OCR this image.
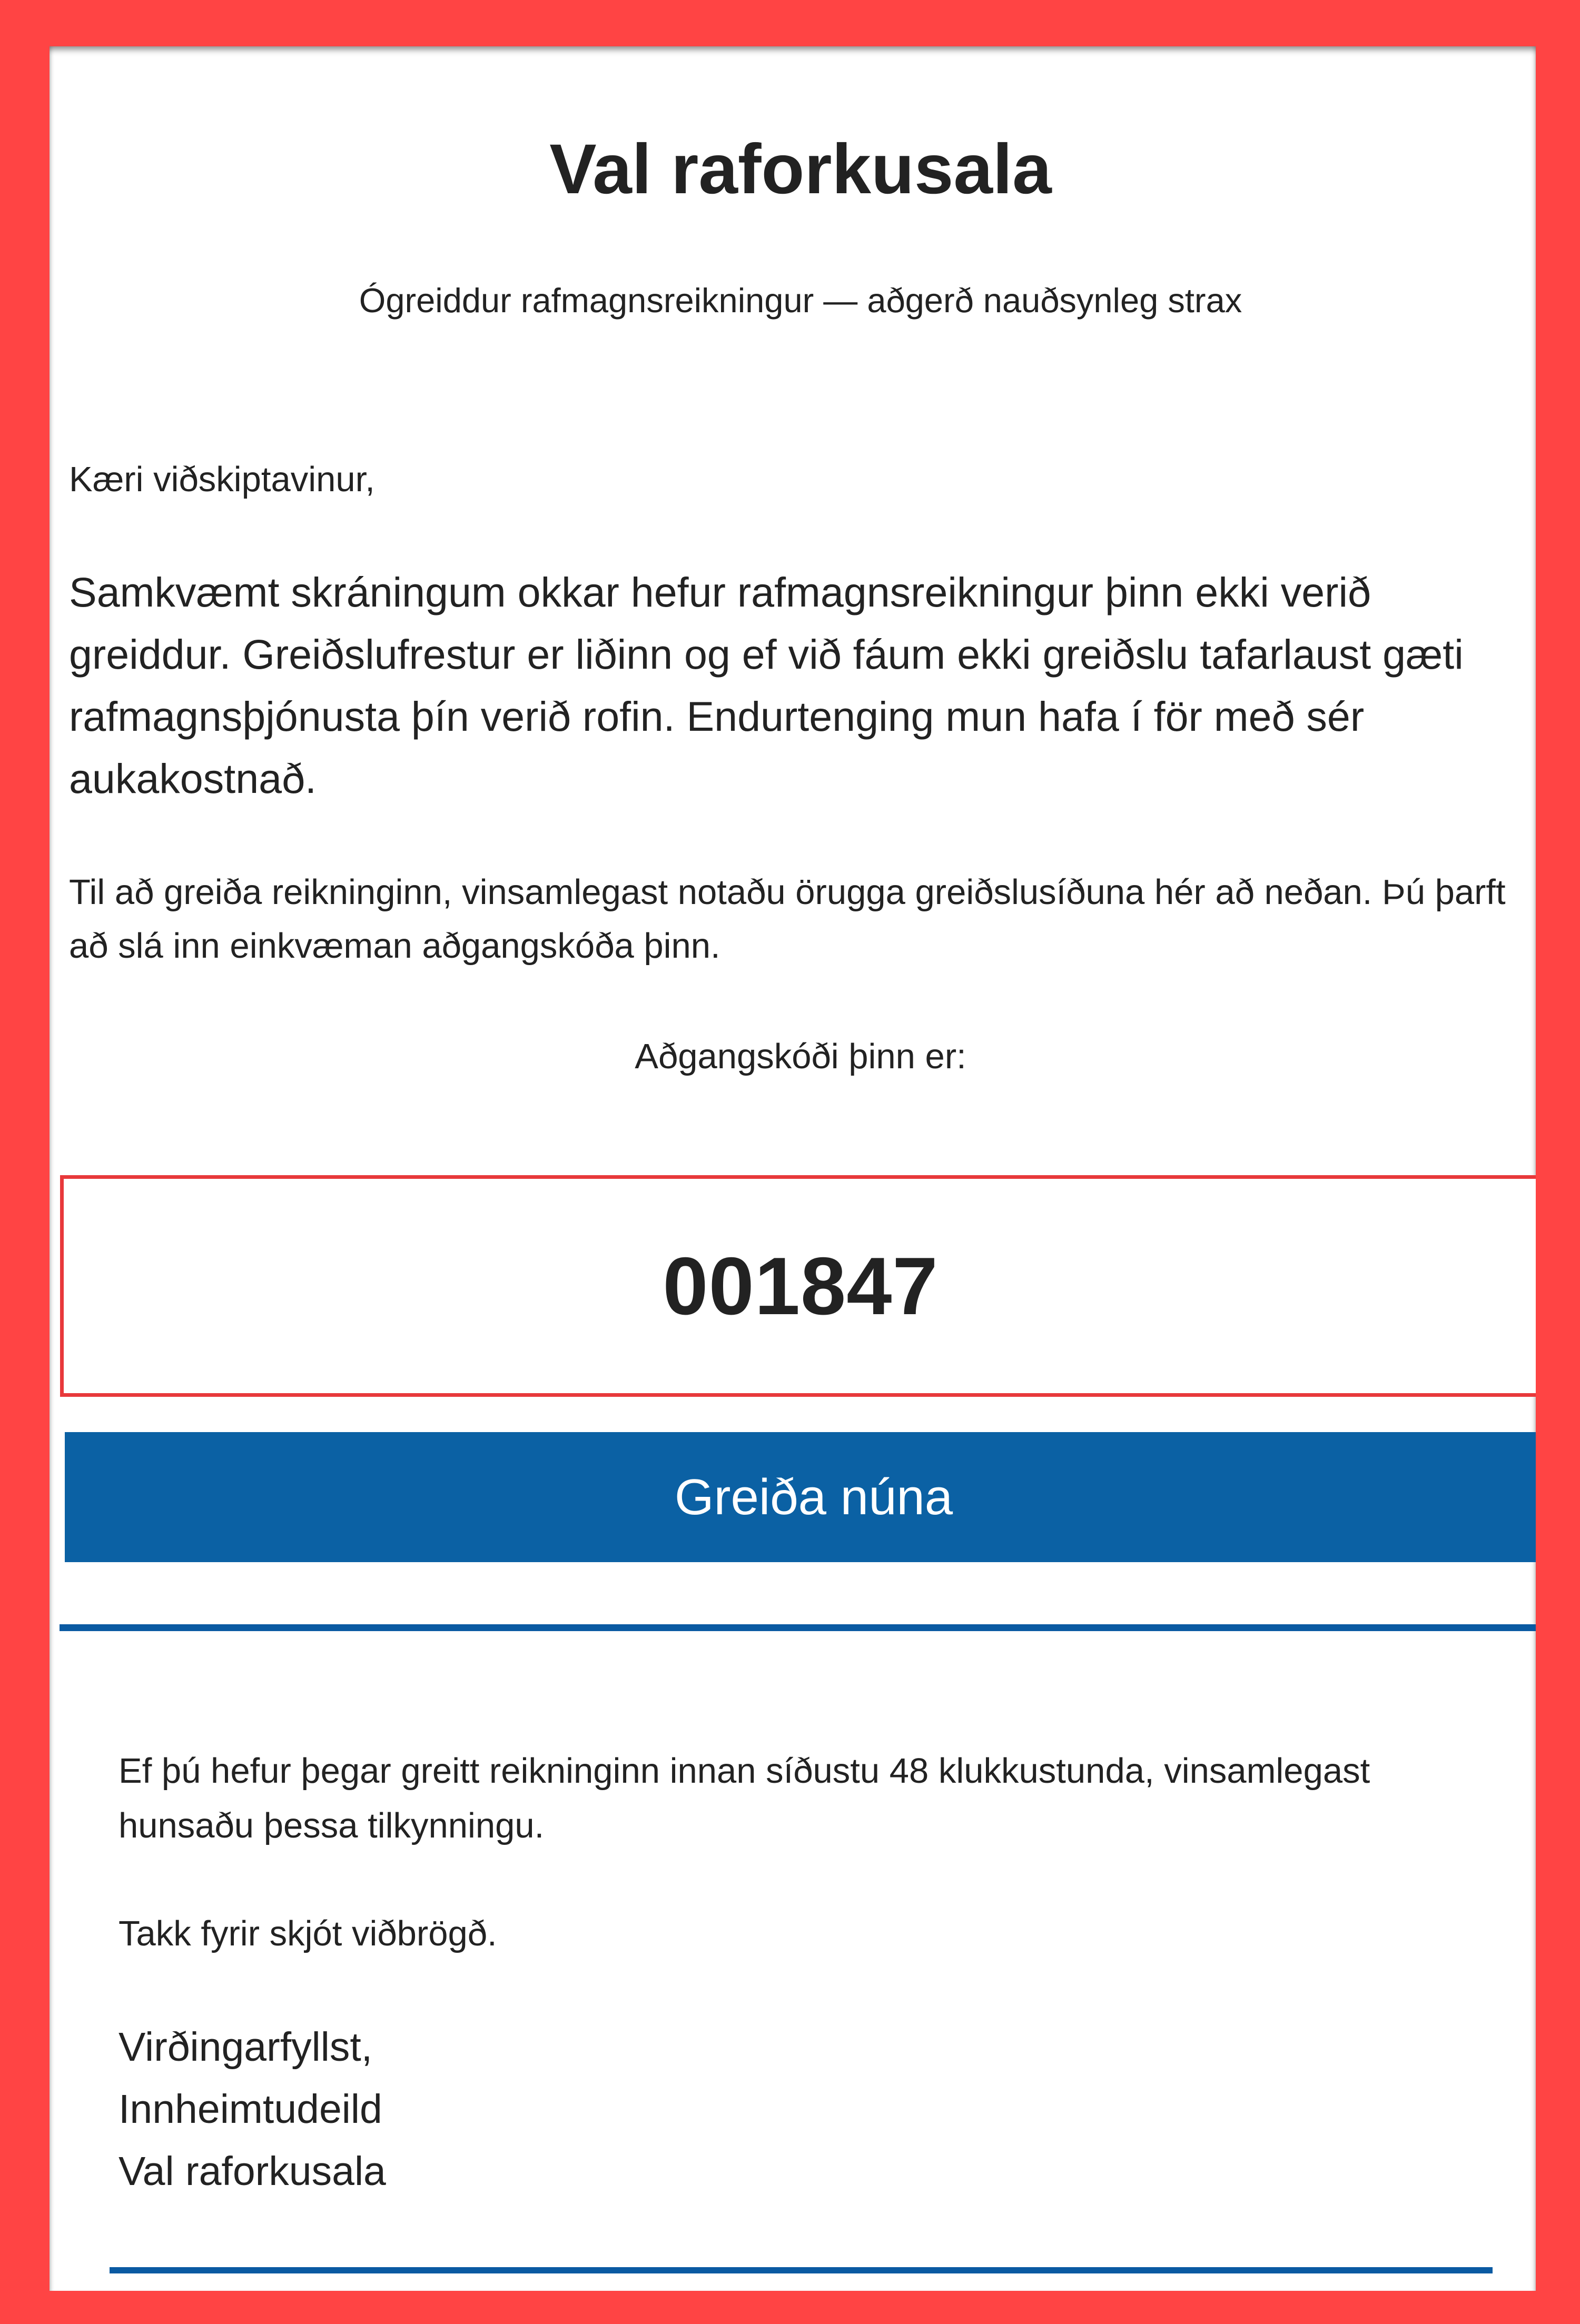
Val raforkusala
Ógreiddur rafmagnsreikningur — aðgerð nauðsynleg strax
Kæri viðskiptavinur,

Samkvæmt skráningum okkar hefur rafmagnsreikningur þinn ekki verið greiddur. Greiðslufrestur er liðinn og ef við fáum ekki greiðslu tafarlaust gæti rafmagnsþjónusta þín verið rofin. Endurtenging mun hafa í för með sér aukakostnað.

Til að greiða reikninginn, vinsamlegast notaðu örugga greiðslusíðuna hér að neðan. Þú þarft að slá inn einkvæman aðgangskóða þinn.

Aðgangskóði þinn er:
001847
Greiða núna

Ef þú hefur þegar greitt reikninginn innan síðustu 48 klukkustunda, vinsamlegast hunsaðu þessa tilkynningu.

Takk fyrir skjót viðbrögð.

Virðingarfyllst,
Innheimtudeild
Val raforkusala
